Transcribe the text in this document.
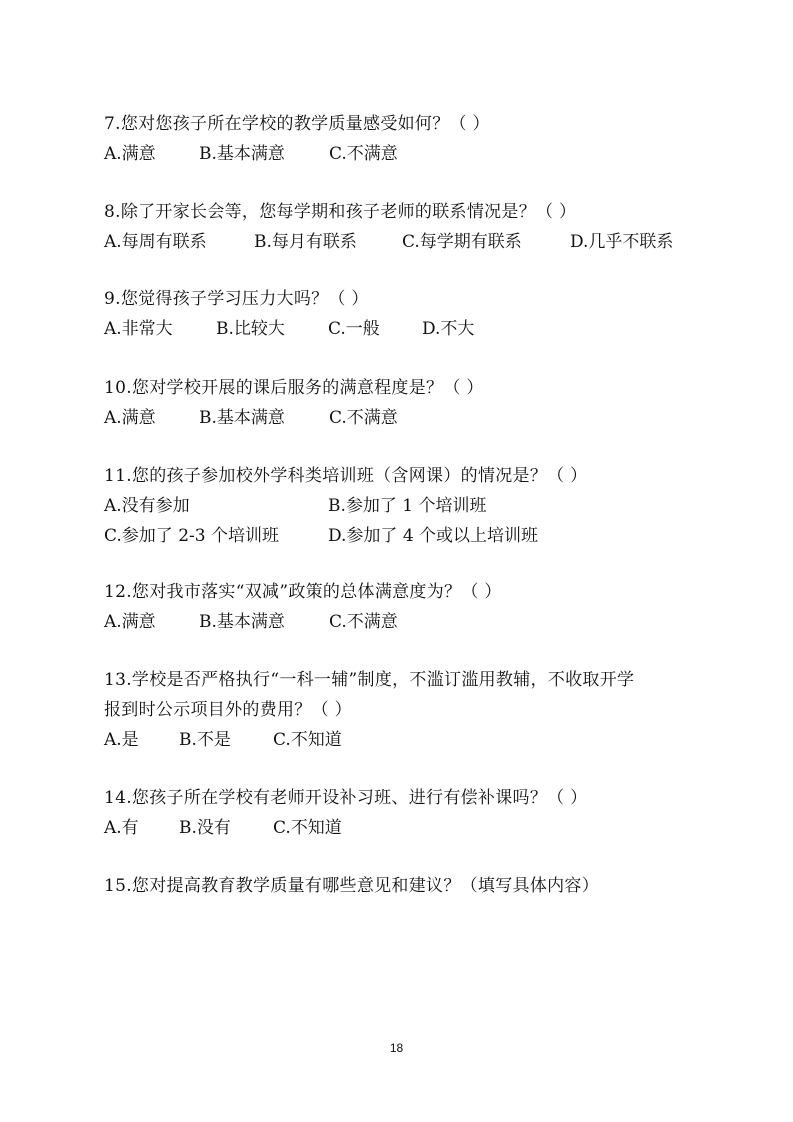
7.您对您孩子所在学校的教学质量感受如何？（ ）
A.满意	B.基本满意	C.不满意
8.除了开家长会等，您每学期和孩子老师的联系情况是？（ ）
A.每周有联系	B.每月有联系	C.每学期有联系	D.几乎不联系
9.您觉得孩子学习压力大吗？（ ）
A.非常大	B.比较大	C.一般	D.不大
10.您对学校开展的课后服务的满意程度是？（ ）
A.满意	B.基本满意	C.不满意
11.您的孩子参加校外学科类培训班（含网课）的情况是？（ ）
A.没有参加	B.参加了 1 个培训班
C.参加了 2-3 个培训班	D.参加了 4 个或以上培训班
12.您对我市落实“双减”政策的总体满意度为？（ ）
A.满意	B.基本满意	C.不满意
13.学校是否严格执行“一科一辅”制度，不滥订滥用教辅，不收取开学
报到时公示项目外的费用？（ ）
A.是	B.不是	C.不知道
14.您孩子所在学校有老师开设补习班、进行有偿补课吗？（ ）
A.有	B.没有	C.不知道
15.您对提高教育教学质量有哪些意见和建议？（填写具体内容）
18
